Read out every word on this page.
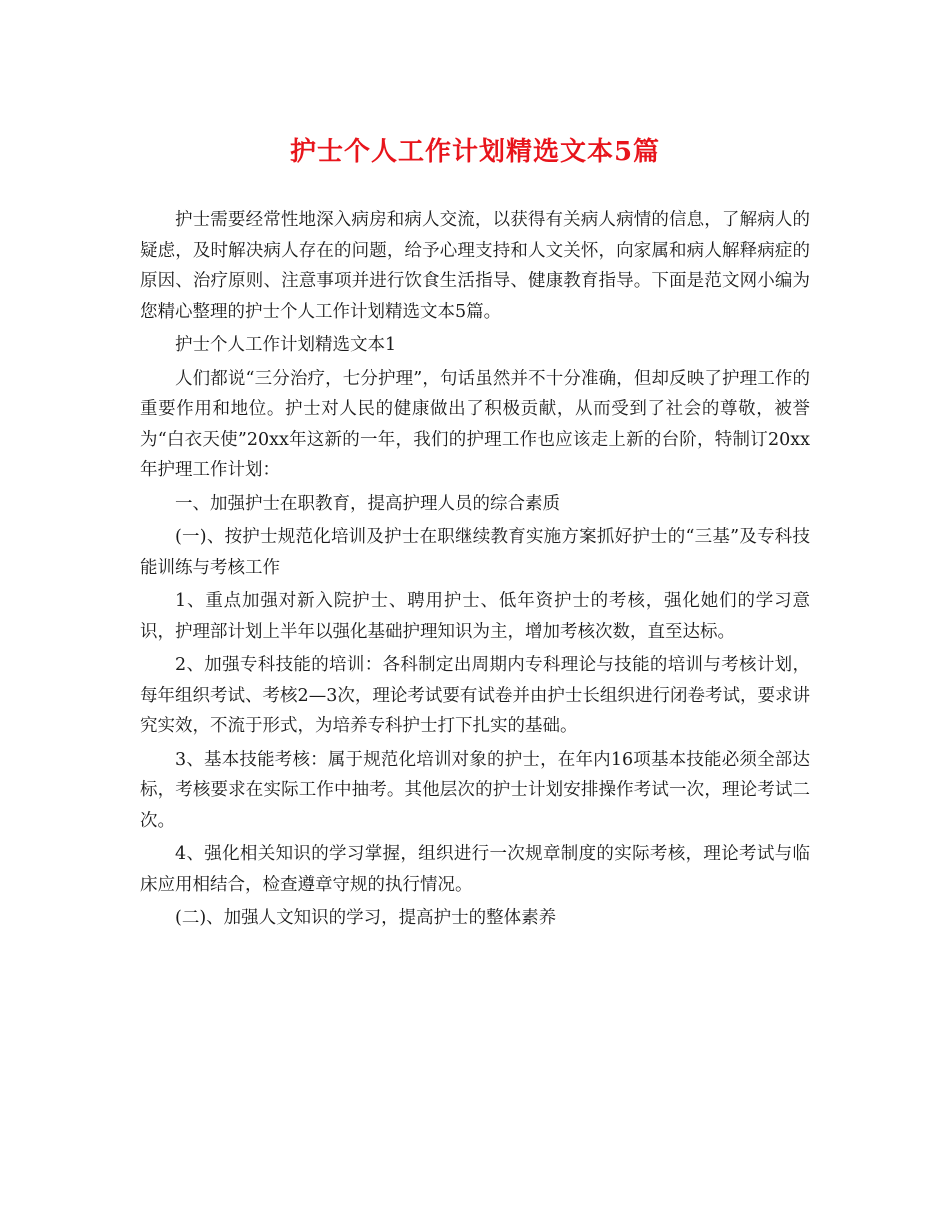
护士个人工作计划精选文本5篇

护士需要经常性地深入病房和病人交流，以获得有关病人病情的信息，了解病人的疑虑，及时解决病人存在的问题，给予心理支持和人文关怀，向家属和病人解释病症的原因、治疗原则、注意事项并进行饮食生活指导、健康教育指导。下面是范文网小编为您精心整理的护士个人工作计划精选文本5篇。

护士个人工作计划精选文本1

人们都说“三分治疗，七分护理”，句话虽然并不十分准确，但却反映了护理工作的重要作用和地位。护士对人民的健康做出了积极贡献，从而受到了社会的尊敬，被誉为“白衣天使”20xx年这新的一年，我们的护理工作也应该走上新的台阶，特制订20xx年护理工作计划：

一、加强护士在职教育，提高护理人员的综合素质

(一)、按护士规范化培训及护士在职继续教育实施方案抓好护士的“三基”及专科技能训练与考核工作

1、重点加强对新入院护士、聘用护士、低年资护士的考核，强化她们的学习意识，护理部计划上半年以强化基础护理知识为主，增加考核次数，直至达标。

2、加强专科技能的培训：各科制定出周期内专科理论与技能的培训与考核计划，每年组织考试、考核2—3次，理论考试要有试卷并由护士长组织进行闭卷考试，要求讲究实效，不流于形式，为培养专科护士打下扎实的基础。

3、基本技能考核：属于规范化培训对象的护士，在年内16项基本技能必须全部达标，考核要求在实际工作中抽考。其他层次的护士计划安排操作考试一次，理论考试二次。

4、强化相关知识的学习掌握，组织进行一次规章制度的实际考核，理论考试与临床应用相结合，检查遵章守规的执行情况。

(二)、加强人文知识的学习，提高护士的整体素养
